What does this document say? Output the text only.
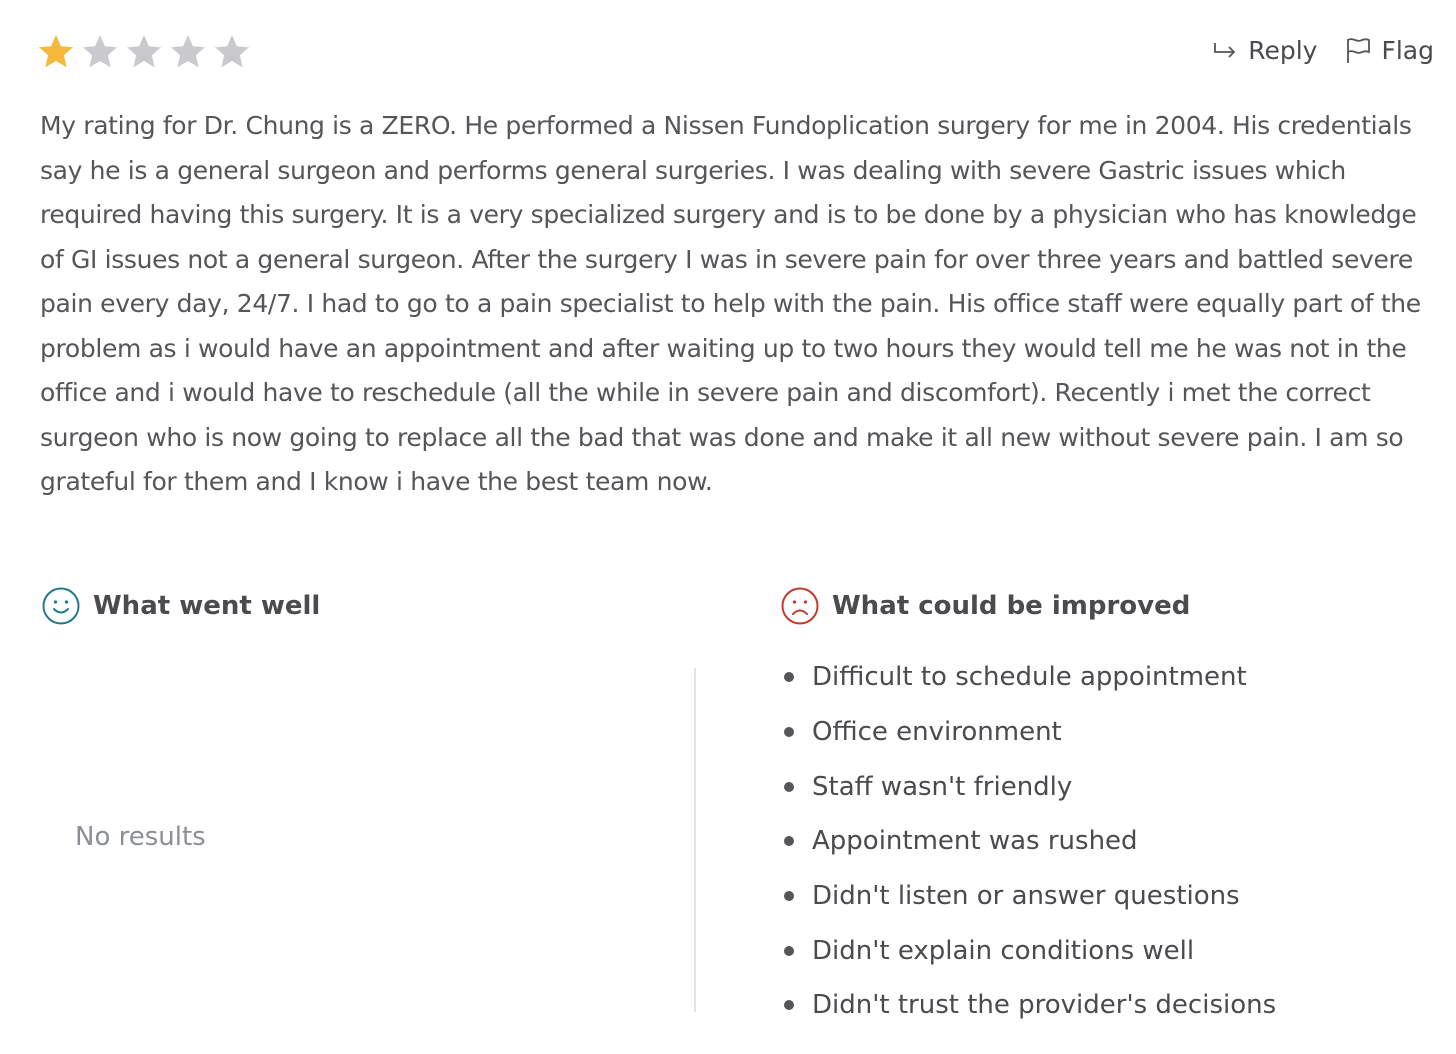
Reply	Flag

My rating for Dr. Chung is a ZERO. He performed a Nissen Fundoplication surgery for me in 2004. His credentials say he is a general surgeon and performs general surgeries. I was dealing with severe Gastric issues which required having this surgery. It is a very specialized surgery and is to be done by a physician who has knowledge of GI issues not a general surgeon. After the surgery I was in severe pain for over three years and battled severe pain every day, 24/7. I had to go to a pain specialist to help with the pain. His office staff were equally part of the problem as i would have an appointment and after waiting up to two hours they would tell me he was not in the office and i would have to reschedule (all the while in severe pain and discomfort). Recently i met the correct surgeon who is now going to replace all the bad that was done and make it all new without severe pain. I am so grateful for them and I know i have the best team now.

What went well
No results
What could be improved
Difficult to schedule appointment
Office environment
Staff wasn't friendly
Appointment was rushed
Didn't listen or answer questions
Didn't explain conditions well
Didn't trust the provider's decisions
